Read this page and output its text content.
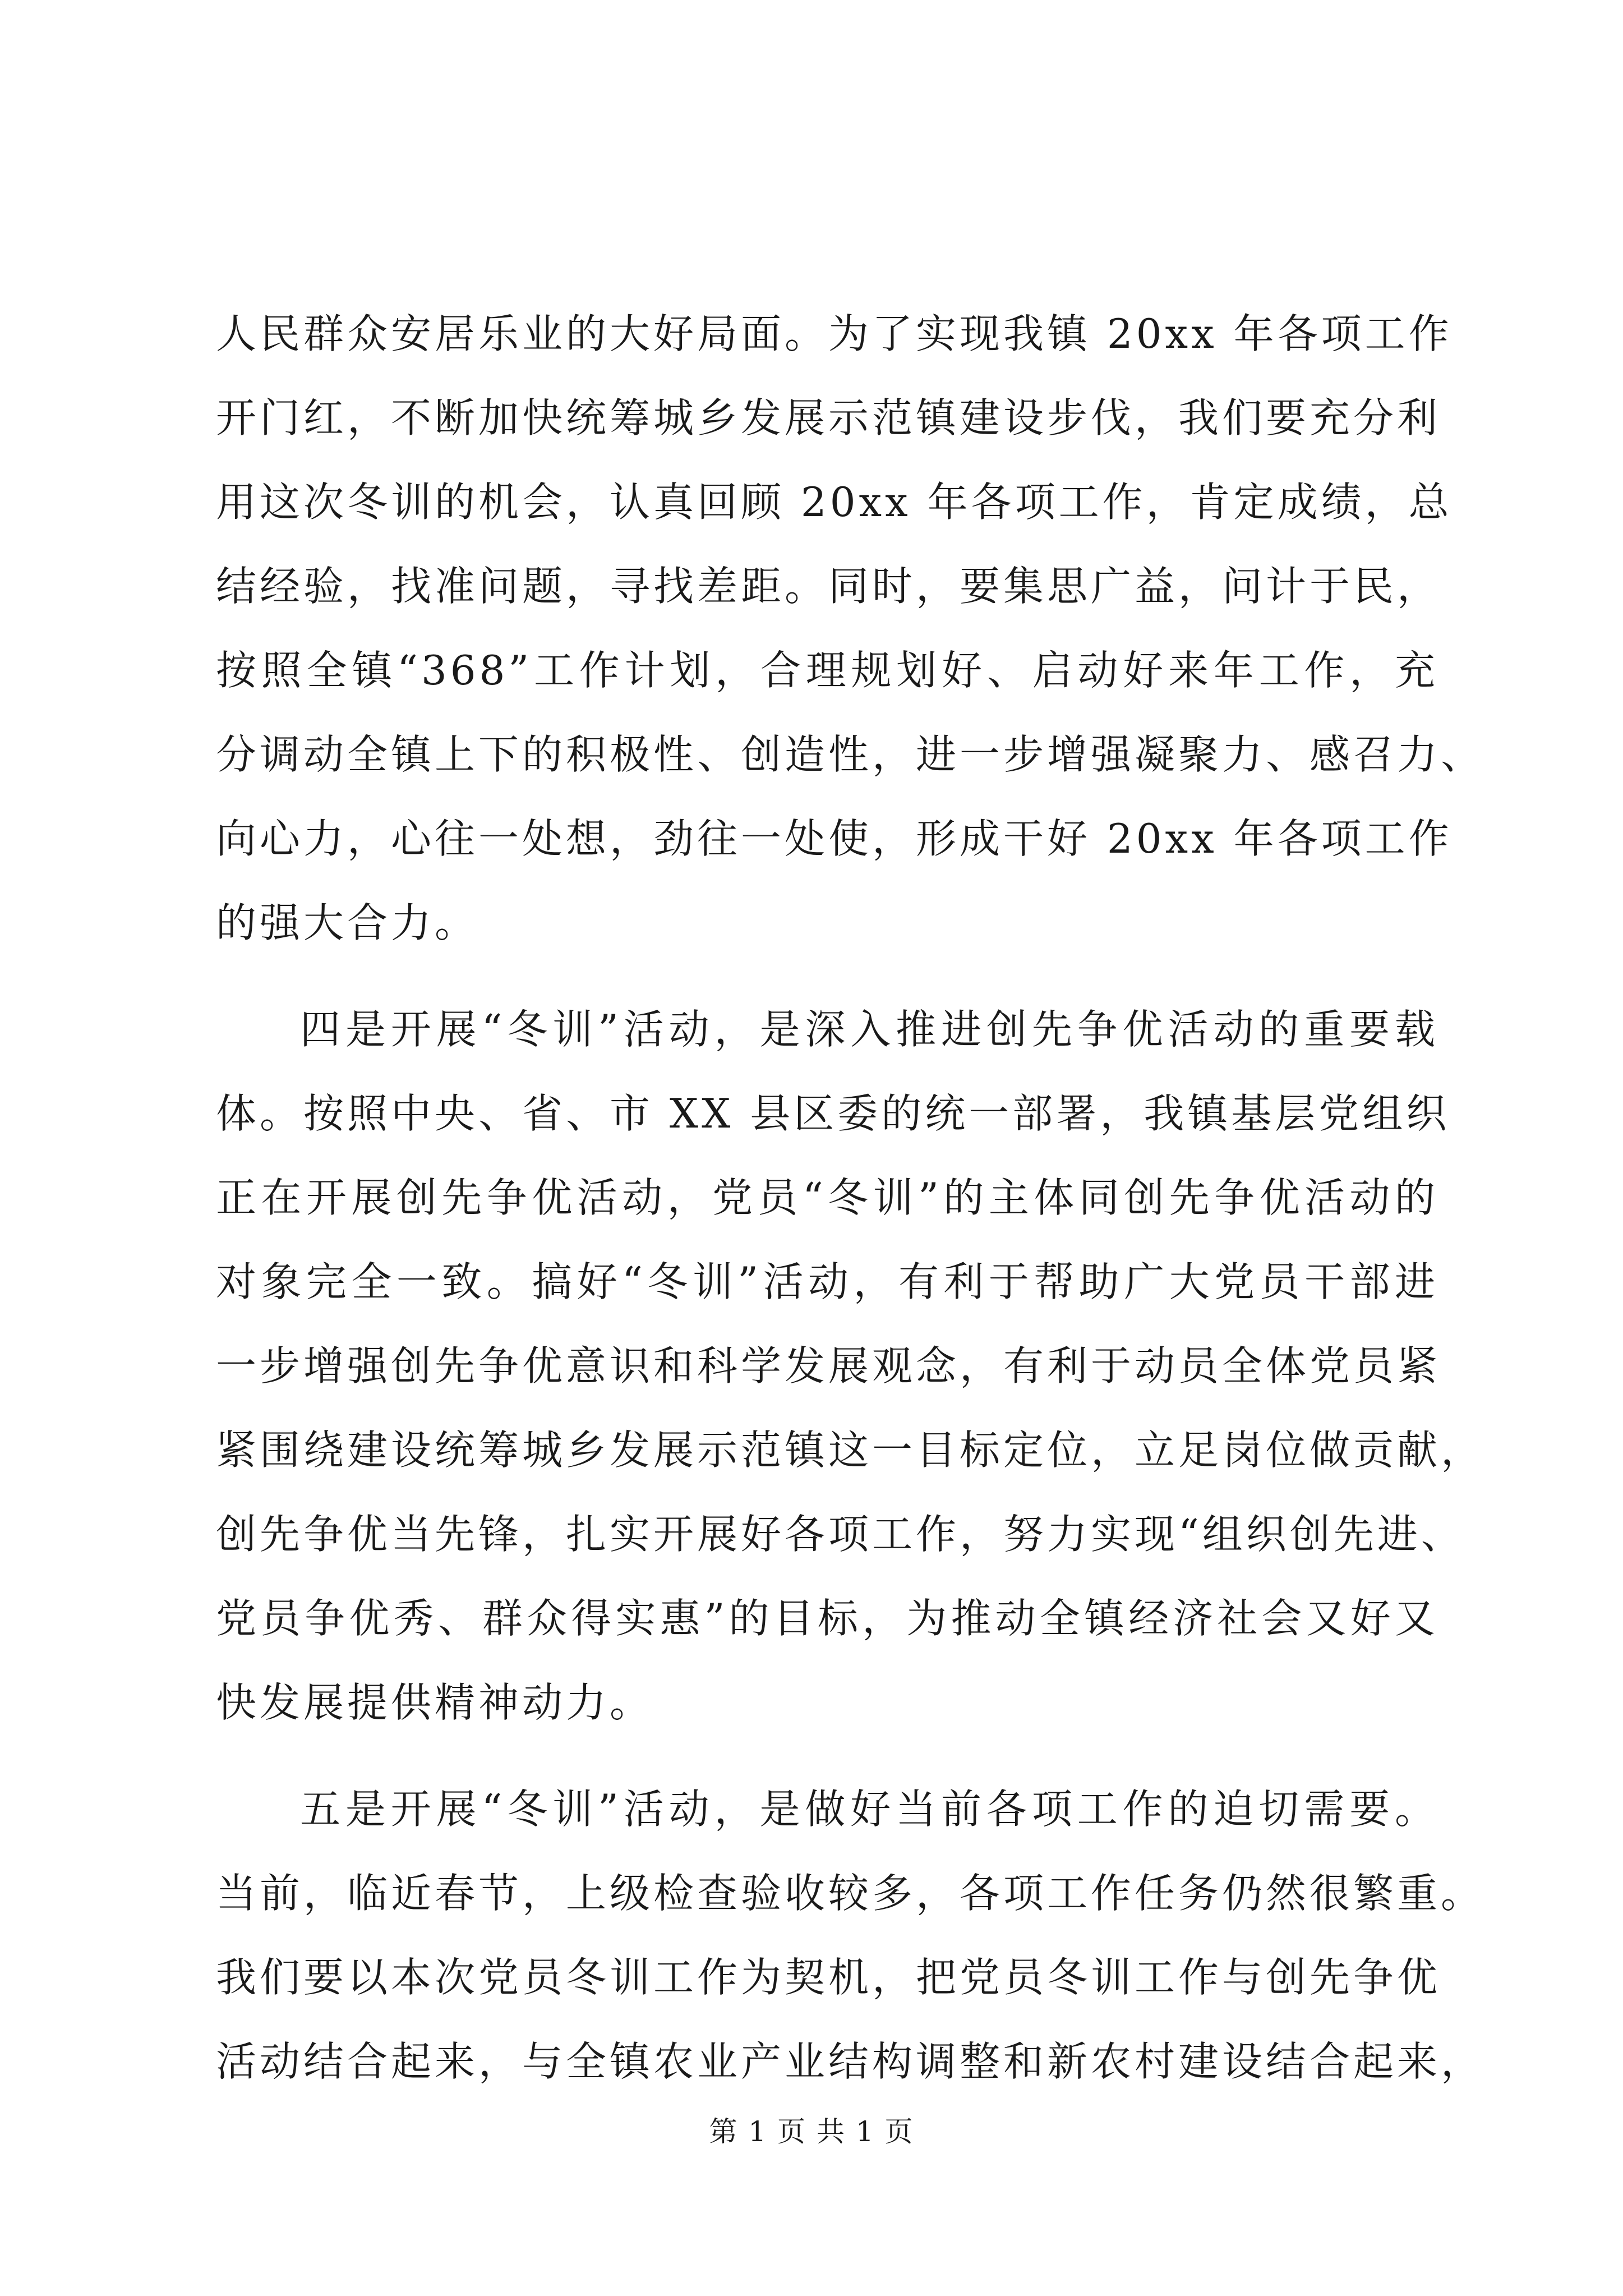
人民群众安居乐业的大好局面。为了实现我镇 20xx 年各项工作
开门红，不断加快统筹城乡发展示范镇建设步伐，我们要充分利
用这次冬训的机会，认真回顾 20xx 年各项工作，肯定成绩，总
结经验，找准问题，寻找差距。同时，要集思广益，问计于民，
按照全镇“368”工作计划，合理规划好、启动好来年工作，充
分调动全镇上下的积极性、创造性，进一步增强凝聚力、感召力、
向心力，心往一处想，劲往一处使，形成干好 20xx 年各项工作
的强大合力。
四是开展“冬训”活动，是深入推进创先争优活动的重要载
体。按照中央、省、市 XX 县区委的统一部署，我镇基层党组织
正在开展创先争优活动，党员“冬训”的主体同创先争优活动的
对象完全一致。搞好“冬训”活动，有利于帮助广大党员干部进
一步增强创先争优意识和科学发展观念，有利于动员全体党员紧
紧围绕建设统筹城乡发展示范镇这一目标定位，立足岗位做贡献，
创先争优当先锋，扎实开展好各项工作，努力实现“组织创先进、
党员争优秀、群众得实惠”的目标，为推动全镇经济社会又好又
快发展提供精神动力。
五是开展“冬训”活动，是做好当前各项工作的迫切需要。
当前，临近春节，上级检查验收较多，各项工作任务仍然很繁重。
我们要以本次党员冬训工作为契机，把党员冬训工作与创先争优
活动结合起来，与全镇农业产业结构调整和新农村建设结合起来，
第 1 页 共 1 页
